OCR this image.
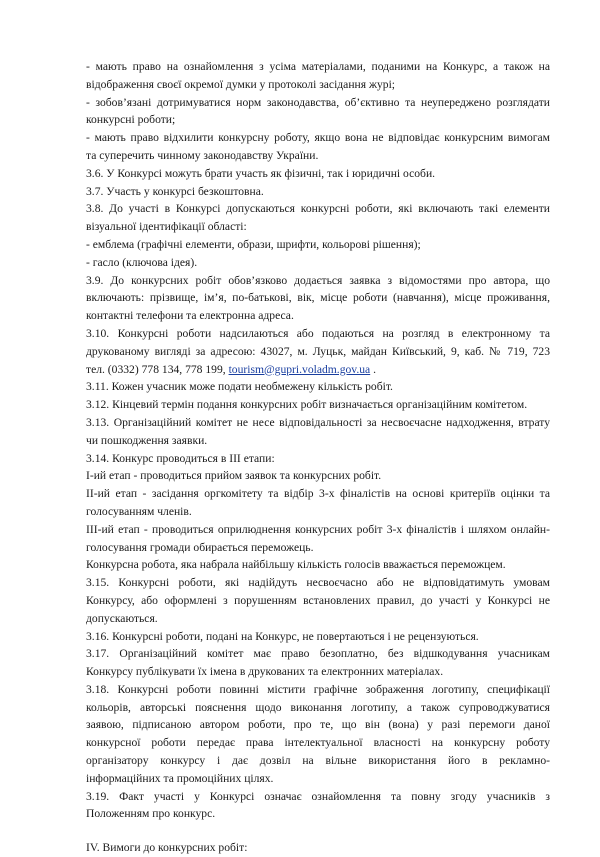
- мають право на ознайомлення з усіма матеріалами, поданими на Конкурс, а також на
відображення своєї окремої думки у протоколі засідання журі;
- зобов’язані дотримуватися норм законодавства, об’єктивно та неупереджено розглядати
конкурсні роботи;
- мають право відхилити конкурсну роботу, якщо вона не відповідає конкурсним вимогам
та суперечить чинному законодавству України.
3.6. У Конкурсі можуть брати участь як фізичні, так і юридичні особи.
3.7. Участь у конкурсі безкоштовна.
3.8. До участі в Конкурсі допускаються конкурсні роботи, які включають такі елементи
візуальної ідентифікації області:
- емблема (графічні елементи, образи, шрифти, кольорові рішення);
- гасло (ключова ідея).
3.9. До конкурсних робіт обов’язково додається заявка з відомостями про автора, що
включають: прізвище, ім’я, по-батькові, вік, місце роботи (навчання), місце проживання,
контактні телефони та електронна адреса.
3.10. Конкурсні роботи надсилаються або подаються на розгляд в електронному та
друкованому вигляді за адресою: 43027, м. Луцьк, майдан Київський, 9, каб. № 719, 723
тел. (0332) 778 134, 778 199, tourism@gupri.voladm.gov.ua .
3.11. Кожен учасник може подати необмежену кількість робіт.
3.12. Кінцевий термін подання конкурсних робіт визначається організаційним комітетом.
3.13. Організаційний комітет не несе відповідальності за несвоєчасне надходження, втрату
чи пошкодження заявки.
3.14. Конкурс проводиться в ІІІ етапи:
І-ий етап - проводиться прийом заявок та конкурсних робіт.
ІІ-ий етап - засідання оргкомітету та відбір 3-х фіналістів на основі критеріїв оцінки та
голосуванням членів.
ІІІ-ий етап - проводиться оприлюднення конкурсних робіт 3-х фіналістів і шляхом онлайн-
голосування громади обирається переможець.
Конкурсна робота, яка набрала найбільшу кількість голосів вважається переможцем.
3.15. Конкурсні роботи, які надійдуть несвоєчасно або не відповідатимуть умовам
Конкурсу, або оформлені з порушенням встановлених правил, до участі у Конкурсі не
допускаються.
3.16. Конкурсні роботи, подані на Конкурс, не повертаються і не рецензуються.
3.17. Організаційний комітет має право безоплатно, без відшкодування учасникам
Конкурсу публікувати їх імена в друкованих та електронних матеріалах.
3.18. Конкурсні роботи повинні містити графічне зображення логотипу, специфікації
кольорів, авторські пояснення щодо виконання логотипу, а також супроводжуватися
заявою, підписаною автором роботи, про те, що він (вона) у разі перемоги даної
конкурсної роботи передає права інтелектуальної власності на конкурсну роботу
організатору конкурсу і дає дозвіл на вільне використання його в рекламно-
інформаційних та промоційних цілях.
3.19. Факт участі у Конкурсі означає ознайомлення та повну згоду учасників з
Положенням про конкурс.
IV. Вимоги до конкурсних робіт:
